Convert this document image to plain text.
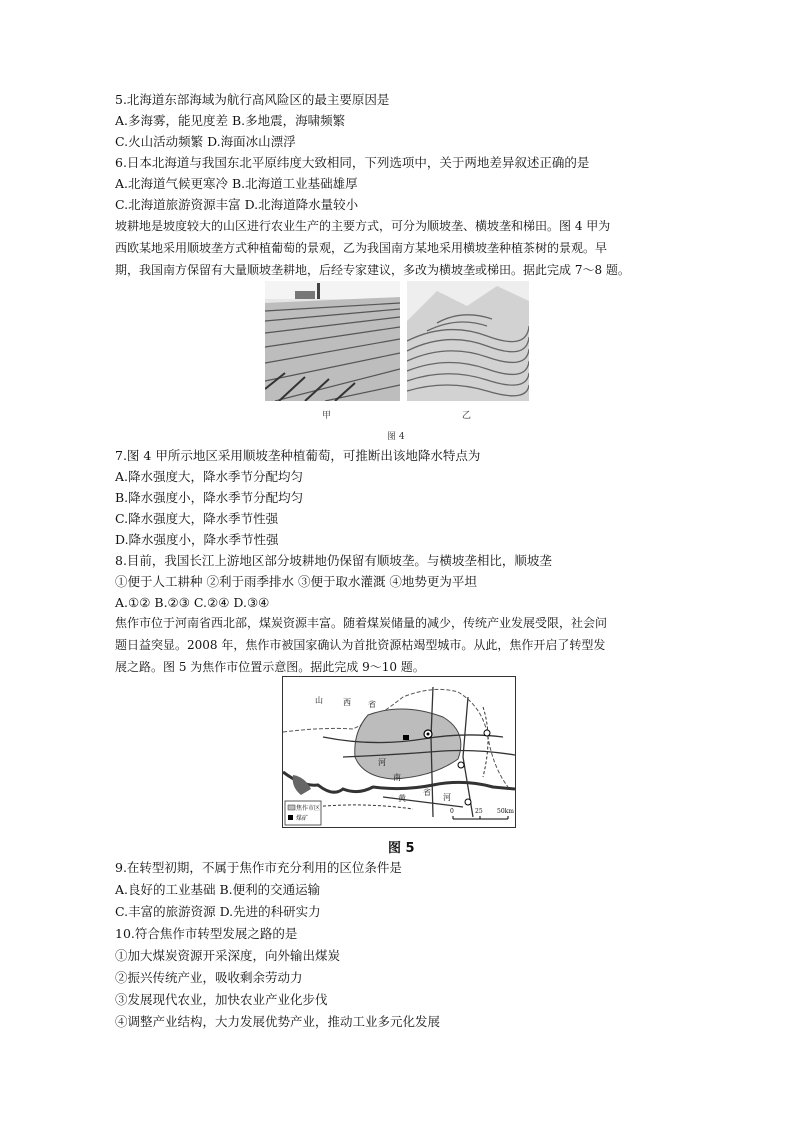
5.北海道东部海域为航行高风险区的最主要原因是
A.多海雾，能见度差 B.多地震，海啸频繁
C.火山活动频繁 D.海面冰山漂浮
6.日本北海道与我国东北平原纬度大致相同，下列选项中，关于两地差异叙述正确的是
A.北海道气候更寒冷 B.北海道工业基础雄厚
C.北海道旅游资源丰富 D.北海道降水量较小
坡耕地是坡度较大的山区进行农业生产的主要方式，可分为顺坡垄、横坡垄和梯田。图 4 甲为
西欧某地采用顺坡垄方式种植葡萄的景观，乙为我国南方某地采用横坡垄种植茶树的景观。早
期，我国南方保留有大量顺坡垄耕地，后经专家建议，多改为横坡垄或梯田。据此完成 7～8 题。
甲	乙
图 4
7.图 4 甲所示地区采用顺坡垄种植葡萄，可推断出该地降水特点为
A.降水强度大，降水季节分配均匀
B.降水强度小，降水季节分配均匀
C.降水强度大，降水季节性强
D.降水强度小，降水季节性强
8.目前，我国长江上游地区部分坡耕地仍保留有顺坡垄。与横坡垄相比，顺坡垄
①便于人工耕种 ②利于雨季排水 ③便于取水灌溉 ④地势更为平坦
A.①② B.②③ C.②④ D.③④
焦作市位于河南省西北部，煤炭资源丰富。随着煤炭储量的减少，传统产业发展受限，社会问
题日益突显。2008 年，焦作市被国家确认为首批资源枯竭型城市。从此，焦作开启了转型发
展之路。图 5 为焦作市位置示意图。据此完成 9～10 题。
山	西 省
河
南
省
黄	河
焦作市区
煤矿
0	25 50km
图 5
9.在转型初期，不属于焦作市充分利用的区位条件是
A.良好的工业基础 B.便利的交通运输
C.丰富的旅游资源 D.先进的科研实力
10.符合焦作市转型发展之路的是
①加大煤炭资源开采深度，向外输出煤炭
②振兴传统产业，吸收剩余劳动力
③发展现代农业，加快农业产业化步伐
④调整产业结构，大力发展优势产业，推动工业多元化发展
